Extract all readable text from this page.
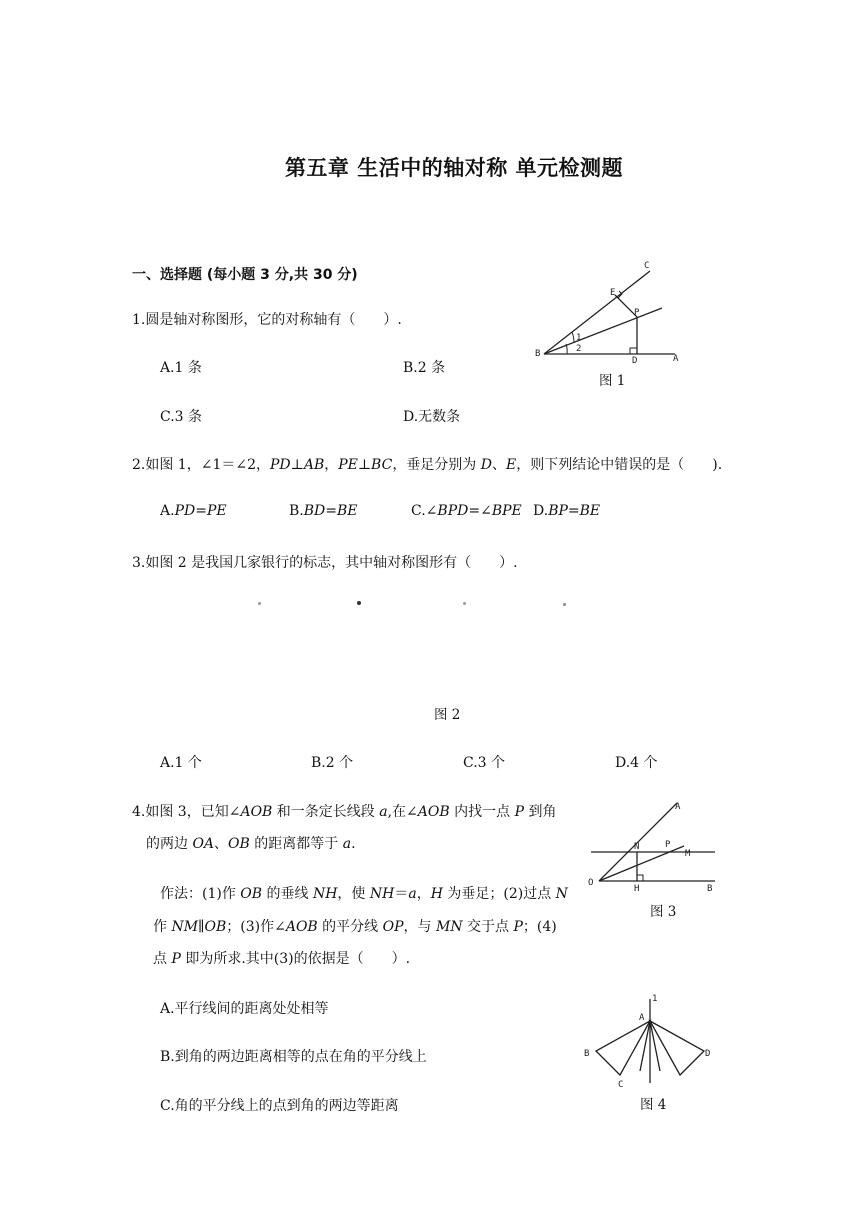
第五章 生活中的轴对称 单元检测题
一、选择题 (每小题 3 分,共 30 分)
1.圆是轴对称图形，它的对称轴有（　　）.
A.1 条	B.2 条
C.3 条	D.无数条
C
E
P
1
2
B
D	A
图 1
2.如图 1，∠1＝∠2，PD⊥AB，PE⊥BC，垂足分别为 D、E，则下列结论中错误的是（　　).
A.PD=PE	B.BD=BE	C.∠BPD=∠BPE D.BP=BE
3.如图 2 是我国几家银行的标志，其中轴对称图形有（　　）.
图 2
A.1 个	B.2 个	C.3 个	D.4 个
4.如图 3，已知∠AOB 和一条定长线段 a,在∠AOB 内找一点 P 到角
的两边 OA、OB 的距离都等于 a.
作法：(1)作 OB 的垂线 NH，使 NH＝a，H 为垂足；(2)过点 N
作 NM∥OB；(3)作∠AOB 的平分线 OP，与 MN 交于点 P；(4)
点 P 即为所求.其中(3)的依据是（　　）.
A.平行线间的距离处处相等
B.到角的两边距离相等的点在角的平分线上
C.角的平分线上的点到角的两边等距离
A
N	P
M
O
H	B
图 3
1
A
B
C
D
图 4
